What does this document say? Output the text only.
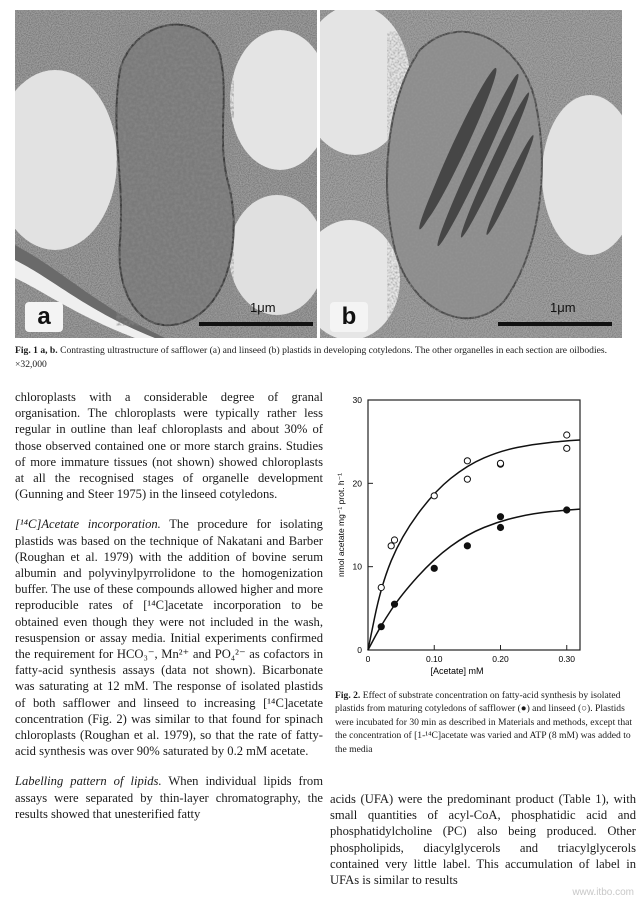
a	1μm	b	1μm
Fig. 1 a, b. Contrasting ultrastructure of safflower (a) and linseed (b) plastids in developing cotyledons. The other organelles in each section are oilbodies. ×32,000

chloroplasts with a considerable degree of granal organisation. The chloroplasts were typically rather less regular in outline than leaf chloroplasts and about 30% of those observed contained one or more starch grains. Studies of more immature tissues (not shown) showed chloroplasts at all the recognised stages of organelle development (Gunning and Steer 1975) in the linseed cotyledons.

[¹⁴C]Acetate incorporation. The procedure for isolating plastids was based on the technique of Nakatani and Barber (Roughan et al. 1979) with the addition of bovine serum albumin and polyvinylpyrrolidone to the homogenization buffer. The use of these compounds allowed higher and more reproducible rates of [¹⁴C]acetate incorporation to be obtained even though they were not included in the wash, resuspension or assay media. Initial experiments confirmed the requirement for HCO₃⁻, Mn²⁺ and PO₄²⁻ as cofactors in fatty-acid synthesis assays (data not shown). Bicarbonate was saturating at 12 mM. The response of isolated plastids of both safflower and linseed to increasing [¹⁴C]acetate concentration (Fig. 2) was similar to that found for spinach chloroplasts (Roughan et al. 1979), so that the rate of fatty-acid synthesis was over 90% saturated by 0.2 mM acetate.

Labelling pattern of lipids. When individual lipids from assays were separated by thin-layer chromatography, the results showed that unesterified fatty

0	0.10	0.20	0.30
0
10
20
30
[Acetate] mM
nmol acetate mg⁻¹ prot. h⁻¹
Fig. 2. Effect of substrate concentration on fatty-acid synthesis by isolated plastids from maturing cotyledons of safflower (●) and linseed (○). Plastids were incubated for 30 min as described in Materials and methods, except that the concentration of [1-¹⁴C]acetate was varied and ATP (8 mM) was added to the media

acids (UFA) were the predominant product (Table 1), with small quantities of acyl-CoA, phosphatidic acid and phosphatidylcholine (PC) also being produced. Other phospholipids, diacylglycerols and triacylglycerols contained very little label. This accumulation of label in UFAs is similar to results

www.itbo.com
